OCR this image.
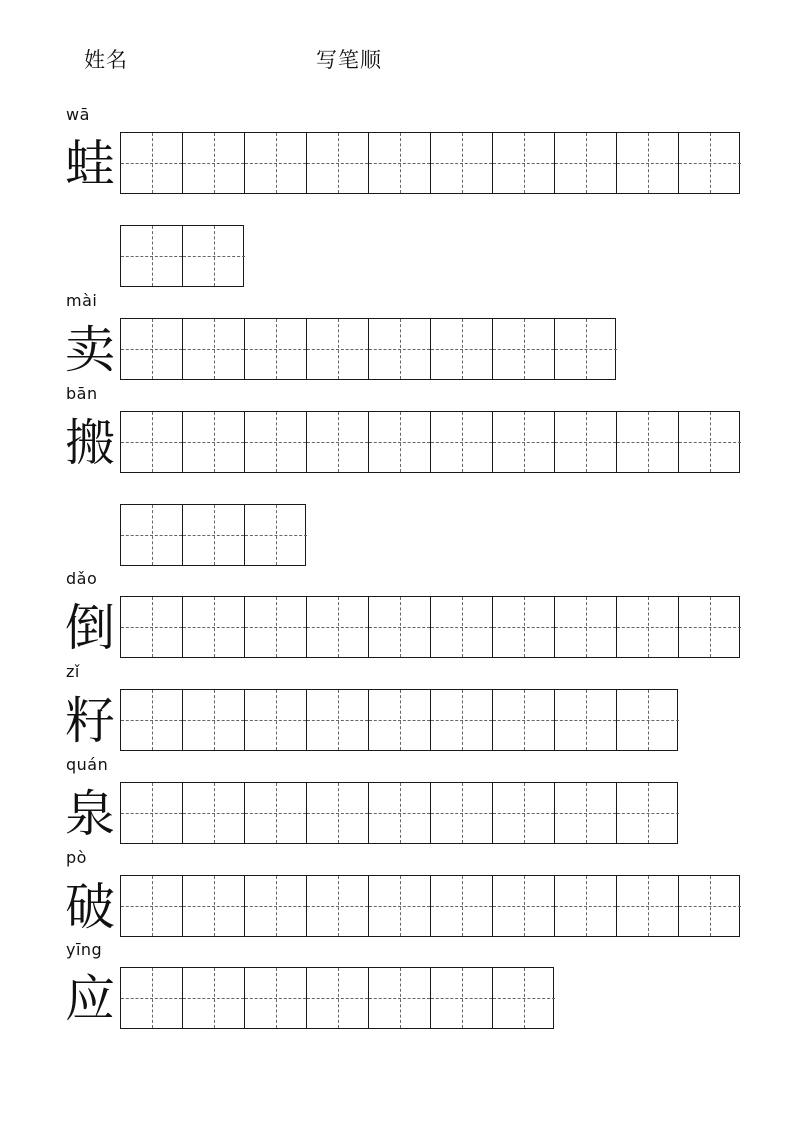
姓名	写笔顺
wā
蛙
mài
卖
bān
搬
dǎo
倒
zǐ
籽
quán
泉
pò
破
yīng
应
